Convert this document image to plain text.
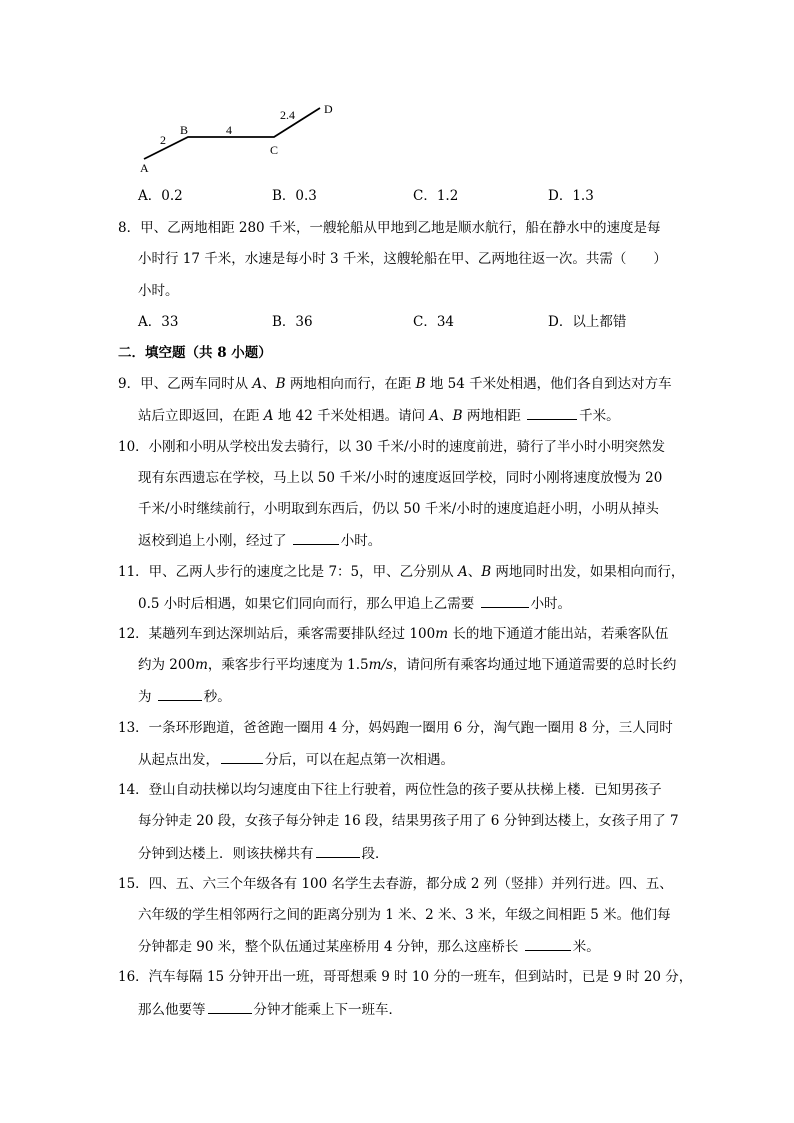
A
B
C
D
2
4
2.4
A．0.2	B．0.3	C．1.2	D．1.3
8．甲、乙两地相距 280 千米，一艘轮船从甲地到乙地是顺水航行，船在静水中的速度是每
小时行 17 千米，水速是每小时 3 千米，这艘轮船在甲、乙两地往返一次。共需（　　）
小时。
A．33	B．36	C．34	D．以上都错
二．填空题（共 8 小题）
9．甲、乙两车同时从 A、B 两地相向而行，在距 B 地 54 千米处相遇，他们各自到达对方车
站后立即返回，在距 A 地 42 千米处相遇。请问 A、B 两地相距	千米。
10．小刚和小明从学校出发去骑行，以 30 千米/小时的速度前进，骑行了半小时小明突然发
现有东西遗忘在学校，马上以 50 千米/小时的速度返回学校，同时小刚将速度放慢为 20
千米/小时继续前行，小明取到东西后，仍以 50 千米/小时的速度追赶小明，小明从掉头
返校到追上小刚，经过了	小时。
11．甲、乙两人步行的速度之比是 7：5，甲、乙分别从 A、B 两地同时出发，如果相向而行，
0.5 小时后相遇，如果它们同向而行，那么甲追上乙需要	小时。
12．某趟列车到达深圳站后，乘客需要排队经过 100m 长的地下通道才能出站，若乘客队伍
约为 200m，乘客步行平均速度为 1.5m/s，请问所有乘客均通过地下通道需要的总时长约
为	秒。
13．一条环形跑道，爸爸跑一圈用 4 分，妈妈跑一圈用 6 分，淘气跑一圈用 8 分，三人同时
从起点出发，	分后，可以在起点第一次相遇。
14．登山自动扶梯以均匀速度由下往上行驶着，两位性急的孩子要从扶梯上楼．已知男孩子
每分钟走 20 段，女孩子每分钟走 16 段，结果男孩子用了 6 分钟到达楼上，女孩子用了 7
分钟到达楼上．则该扶梯共有	段．
15．四、五、六三个年级各有 100 名学生去春游，都分成 2 列（竖排）并列行进。四、五、
六年级的学生相邻两行之间的距离分别为 1 米、2 米、3 米，年级之间相距 5 米。他们每
分钟都走 90 米，整个队伍通过某座桥用 4 分钟，那么这座桥长	米。
16．汽车每隔 15 分钟开出一班，哥哥想乘 9 时 10 分的一班车，但到站时，已是 9 时 20 分，
那么他要等	分钟才能乘上下一班车．
